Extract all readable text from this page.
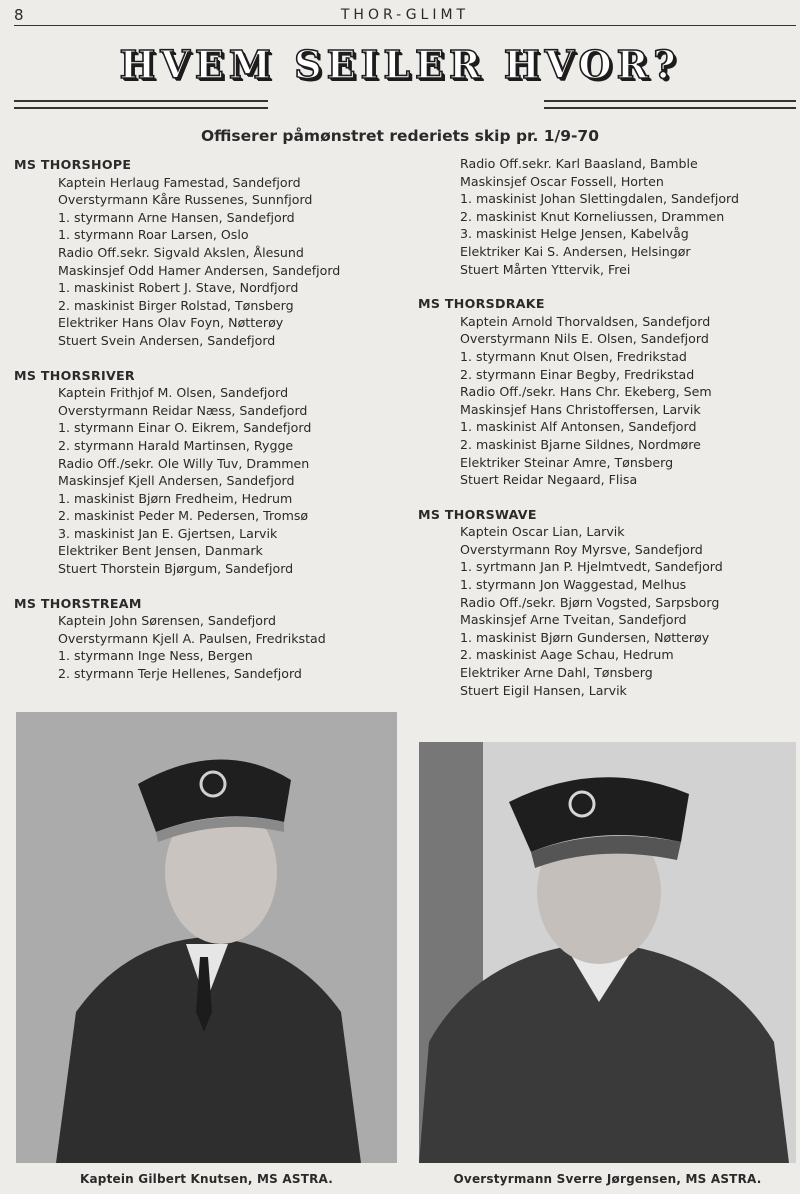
8	THOR-GLIMT
HVEM SEILER HVOR?
Offiserer påmønstret rederiets skip pr. 1/9-70
MS THORSHOPE
Kaptein Herlaug Famestad, Sandefjord
Overstyrmann Kåre Russenes, Sunnfjord
1. styrmann Arne Hansen, Sandefjord
1. styrmann Roar Larsen, Oslo
Radio Off.sekr. Sigvald Akslen, Ålesund
Maskinsjef Odd Hamer Andersen, Sandefjord
1. maskinist Robert J. Stave, Nordfjord
2. maskinist Birger Rolstad, Tønsberg
Elektriker Hans Olav Foyn, Nøtterøy
Stuert Svein Andersen, Sandefjord
MS THORSRIVER
Kaptein Frithjof M. Olsen, Sandefjord
Overstyrmann Reidar Næss, Sandefjord
1. styrmann Einar O. Eikrem, Sandefjord
2. styrmann Harald Martinsen, Rygge
Radio Off./sekr. Ole Willy Tuv, Drammen
Maskinsjef Kjell Andersen, Sandefjord
1. maskinist Bjørn Fredheim, Hedrum
2. maskinist Peder M. Pedersen, Tromsø
3. maskinist Jan E. Gjertsen, Larvik
Elektriker Bent Jensen, Danmark
Stuert Thorstein Bjørgum, Sandefjord
MS THORSTREAM
Kaptein John Sørensen, Sandefjord
Overstyrmann Kjell A. Paulsen, Fredrikstad
1. styrmann Inge Ness, Bergen
2. styrmann Terje Hellenes, Sandefjord
Radio Off.sekr. Karl Baasland, Bamble
Maskinsjef Oscar Fossell, Horten
1. maskinist Johan Slettingdalen, Sandefjord
2. maskinist Knut Korneliussen, Drammen
3. maskinist Helge Jensen, Kabelvåg
Elektriker Kai S. Andersen, Helsingør
Stuert Mårten Yttervik, Frei
MS THORSDRAKE
Kaptein Arnold Thorvaldsen, Sandefjord
Overstyrmann Nils E. Olsen, Sandefjord
1. styrmann Knut Olsen, Fredrikstad
2. styrmann Einar Begby, Fredrikstad
Radio Off./sekr. Hans Chr. Ekeberg, Sem
Maskinsjef Hans Christoffersen, Larvik
1. maskinist Alf Antonsen, Sandefjord
2. maskinist Bjarne Sildnes, Nordmøre
Elektriker Steinar Amre, Tønsberg
Stuert Reidar Negaard, Flisa
MS THORSWAVE
Kaptein Oscar Lian, Larvik
Overstyrmann Roy Myrsve, Sandefjord
1. syrtmann Jan P. Hjelmtvedt, Sandefjord
1. styrmann Jon Waggestad, Melhus
Radio Off./sekr. Bjørn Vogsted, Sarpsborg
Maskinsjef Arne Tveitan, Sandefjord
1. maskinist Bjørn Gundersen, Nøtterøy
2. maskinist Aage Schau, Hedrum
Elektriker Arne Dahl, Tønsberg
Stuert Eigil Hansen, Larvik
Kaptein Gilbert Knutsen, MS ASTRA.	Overstyrmann Sverre Jørgensen, MS ASTRA.
